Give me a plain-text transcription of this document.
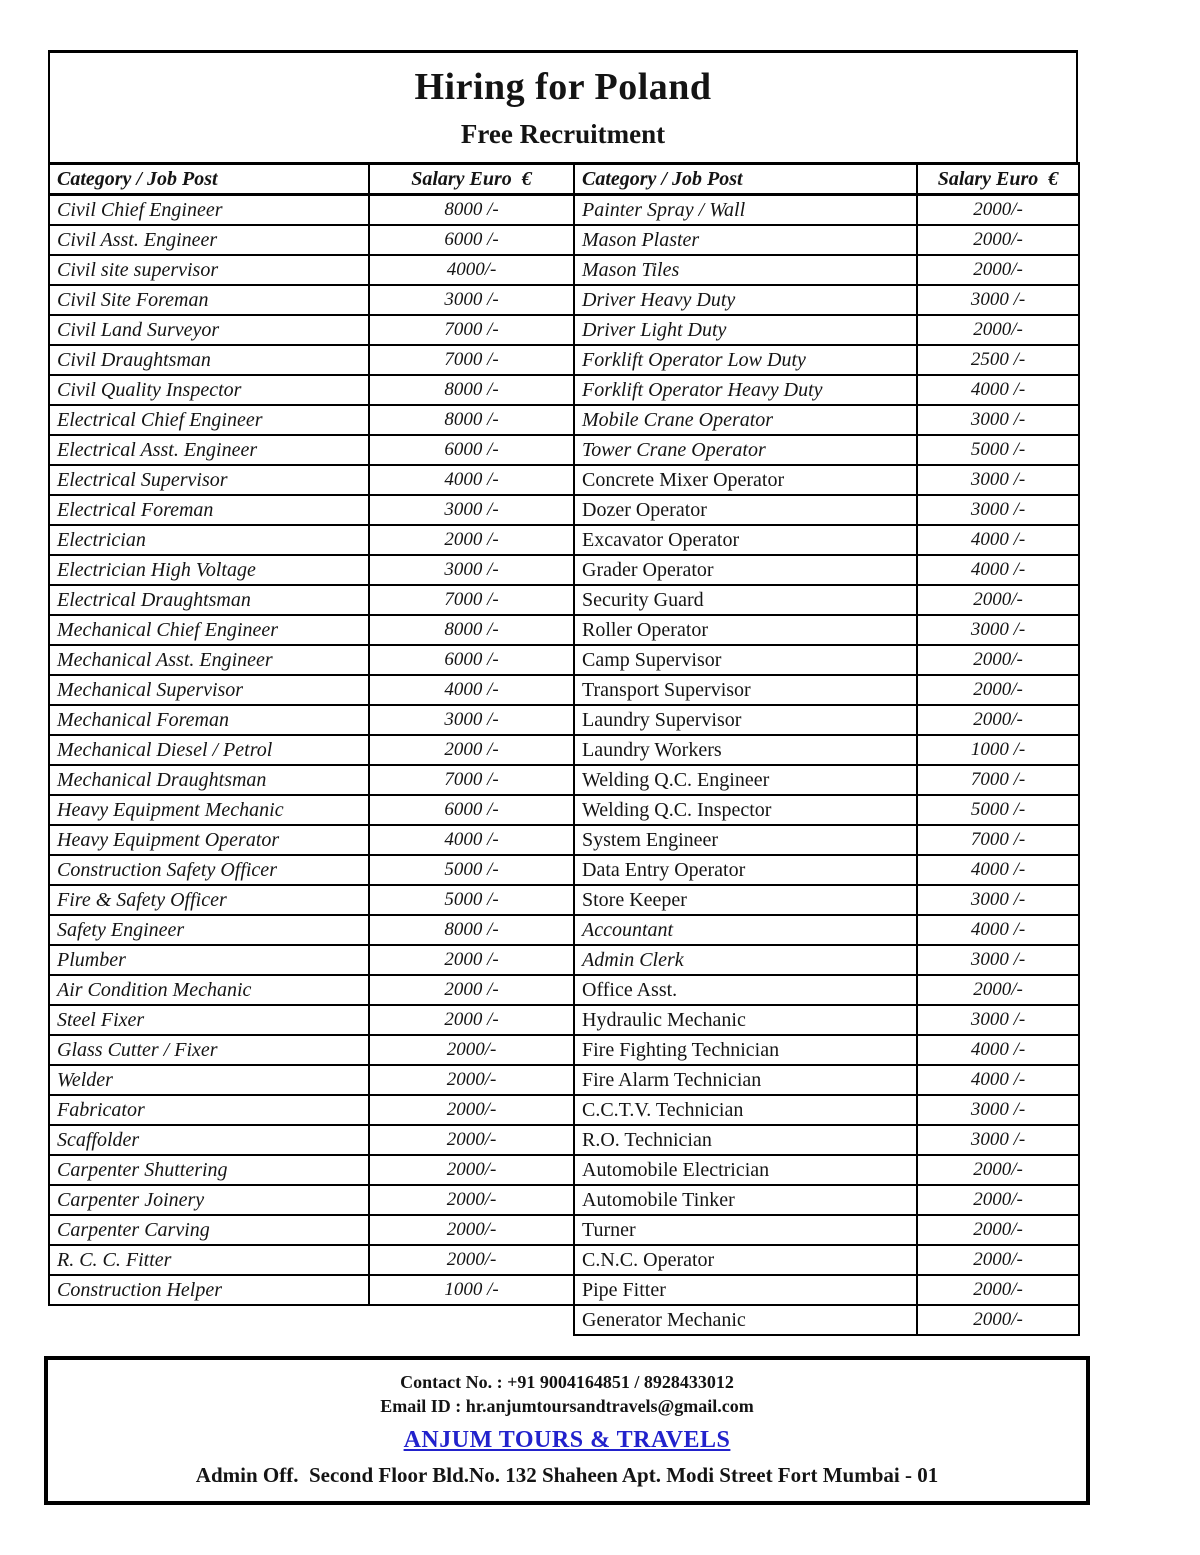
Hiring for Poland
Free Recruitment
Category / Job Post	Salary Euro  €	Category / Job Post	Salary Euro  €
Civil Chief Engineer	8000 /-	Painter Spray / Wall	2000/-
Civil Asst. Engineer	6000 /-	Mason Plaster	2000/-
Civil site supervisor	4000/-	Mason Tiles	2000/-
Civil Site Foreman	3000 /-	Driver Heavy Duty	3000 /-
Civil Land Surveyor	7000 /-	Driver Light Duty	2000/-
Civil Draughtsman	7000 /-	Forklift Operator Low Duty	2500 /-
Civil Quality Inspector	8000 /-	Forklift Operator Heavy Duty	4000 /-
Electrical Chief Engineer	8000 /-	Mobile Crane Operator	3000 /-
Electrical Asst. Engineer	6000 /-	Tower Crane Operator	5000 /-
Electrical Supervisor	4000 /-	Concrete Mixer Operator	3000 /-
Electrical Foreman	3000 /-	Dozer Operator	3000 /-
Electrician	2000 /-	Excavator Operator	4000 /-
Electrician High Voltage	3000 /-	Grader Operator	4000 /-
Electrical Draughtsman	7000 /-	Security Guard	2000/-
Mechanical Chief Engineer	8000 /-	Roller Operator	3000 /-
Mechanical Asst. Engineer	6000 /-	Camp Supervisor	2000/-
Mechanical Supervisor	4000 /-	Transport Supervisor	2000/-
Mechanical Foreman	3000 /-	Laundry Supervisor	2000/-
Mechanical Diesel / Petrol	2000 /-	Laundry Workers	1000 /-
Mechanical Draughtsman	7000 /-	Welding Q.C. Engineer	7000 /-
Heavy Equipment Mechanic	6000 /-	Welding Q.C. Inspector	5000 /-
Heavy Equipment Operator	4000 /-	System Engineer	7000 /-
Construction Safety Officer	5000 /-	Data Entry Operator	4000 /-
Fire & Safety Officer	5000 /-	Store Keeper	3000 /-
Safety Engineer	8000 /-	Accountant	4000 /-
Plumber	2000 /-	Admin Clerk	3000 /-
Air Condition Mechanic	2000 /-	Office Asst.	2000/-
Steel Fixer	2000 /-	Hydraulic Mechanic	3000 /-
Glass Cutter / Fixer	2000/-	Fire Fighting Technician	4000 /-
Welder	2000/-	Fire Alarm Technician	4000 /-
Fabricator	2000/-	C.C.T.V. Technician	3000 /-
Scaffolder	2000/-	R.O. Technician	3000 /-
Carpenter Shuttering	2000/-	Automobile Electrician	2000/-
Carpenter Joinery	2000/-	Automobile Tinker	2000/-
Carpenter Carving	2000/-	Turner	2000/-
R. C. C. Fitter	2000/-	C.N.C. Operator	2000/-
Construction Helper	1000 /-	Pipe Fitter	2000/-
		Generator Mechanic	2000/-
Contact No. : +91 9004164851 / 8928433012
Email ID : hr.anjumtoursandtravels@gmail.com
ANJUM TOURS & TRAVELS
Admin Off.  Second Floor Bld.No. 132 Shaheen Apt. Modi Street Fort Mumbai - 01
